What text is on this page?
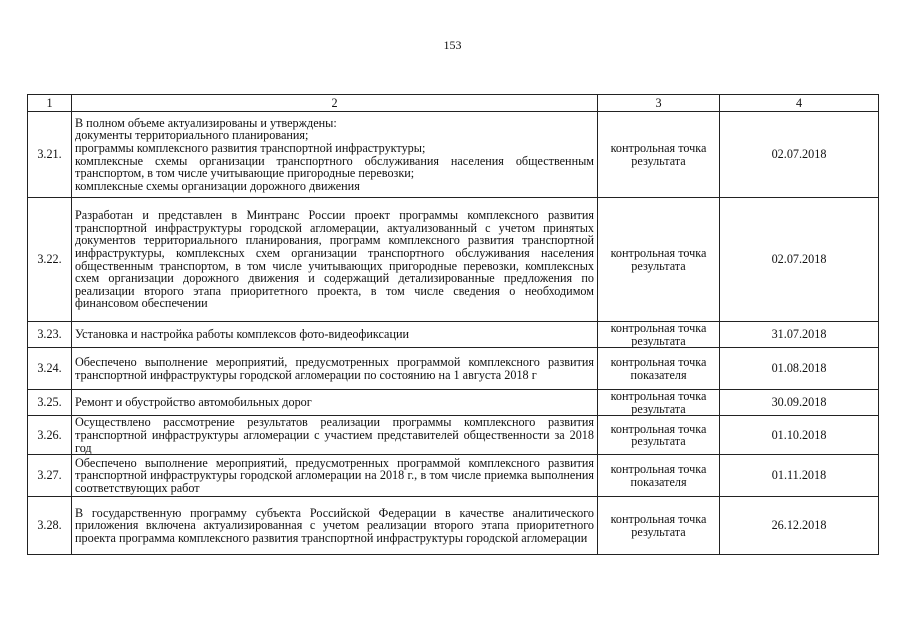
153
1	2	3	4
3.21.	В полном объеме актуализированы и утверждены:
документы территориального планирования;
программы комплексного развития транспортной инфраструктуры;
комплексные схемы организации транспортного обслуживания населения общественным транспортом, в том числе учитывающие пригородные перевозки;
комплексные схемы организации дорожного движения	контрольная точка результата	02.07.2018
3.22.	Разработан и представлен в Минтранс России проект программы комплексного развития транспортной инфраструктуры городской агломерации, актуализованный с учетом принятых документов территориального планирования, программ комплексного развития транспортной инфраструктуры, комплексных схем организации транспортного обслуживания населения общественным транспортом, в том числе учитывающих пригородные перевозки, комплексных схем организации дорожного движения и содержащий детализированные предложения по реализации второго этапа приоритетного проекта, в том числе сведения о необходимом финансовом обеспечении	контрольная точка результата	02.07.2018
3.23.	Установка и настройка работы комплексов фото-видеофиксации	контрольная точка результата	31.07.2018
3.24.	Обеспечено выполнение мероприятий, предусмотренных программой комплексного развития транспортной инфраструктуры городской агломерации по состоянию на 1 августа 2018 г	контрольная точка показателя	01.08.2018
3.25.	Ремонт и обустройство автомобильных дорог	контрольная точка результата	30.09.2018
3.26.	Осуществлено рассмотрение результатов реализации программы комплексного развития транспортной инфраструктуры агломерации с участием представителей общественности за 2018 год	контрольная точка результата	01.10.2018
3.27.	Обеспечено выполнение мероприятий, предусмотренных программой комплексного развития транспортной инфраструктуры городской агломерации на 2018 г., в том числе приемка выполнения соответствующих работ	контрольная точка показателя	01.11.2018
3.28.	В государственную программу субъекта Российской Федерации в качестве аналитического приложения включена актуализированная с учетом реализации второго этапа приоритетного проекта программа комплексного развития транспортной инфраструктуры городской агломерации	контрольная точка результата	26.12.2018
